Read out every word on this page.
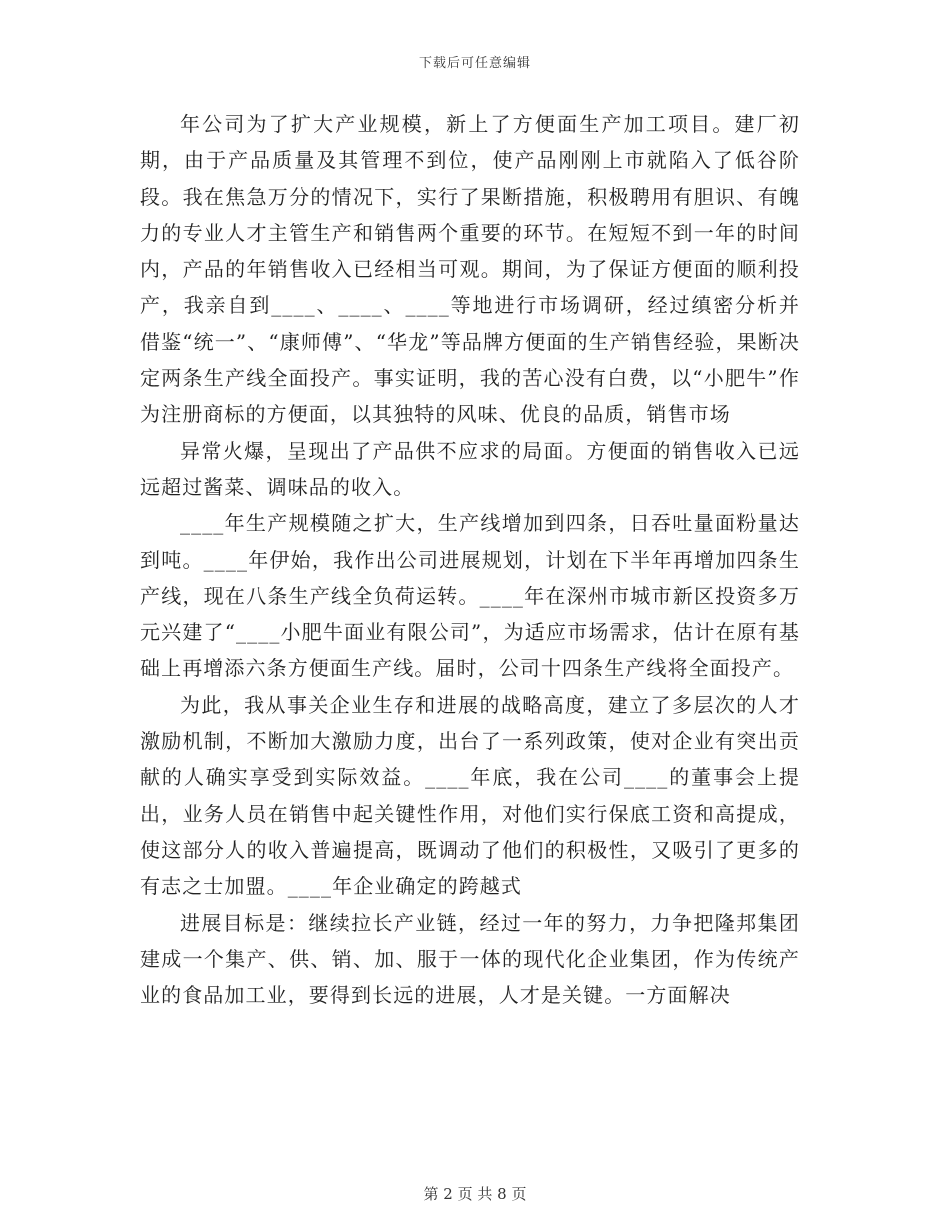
下载后可任意编辑

年公司为了扩大产业规模，新上了方便面生产加工项目。建厂初期，由于产品质量及其管理不到位，使产品刚刚上市就陷入了低谷阶段。我在焦急万分的情况下，实行了果断措施，积极聘用有胆识、有魄力的专业人才主管生产和销售两个重要的环节。在短短不到一年的时间内，产品的年销售收入已经相当可观。期间，为了保证方便面的顺利投产，我亲自到____、____、____等地进行市场调研，经过缜密分析并借鉴“统一”、“康师傅”、“华龙”等品牌方便面的生产销售经验，果断决定两条生产线全面投产。事实证明，我的苦心没有白费，以“小肥牛”作为注册商标的方便面，以其独特的风味、优良的品质，销售市场

异常火爆，呈现出了产品供不应求的局面。方便面的销售收入已远远超过酱菜、调味品的收入。

____年生产规模随之扩大，生产线增加到四条，日吞吐量面粉量达到吨。____年伊始，我作出公司进展规划，计划在下半年再增加四条生产线，现在八条生产线全负荷运转。____年在深州市城市新区投资多万元兴建了“____小肥牛面业有限公司”，为适应市场需求，估计在原有基础上再增添六条方便面生产线。届时，公司十四条生产线将全面投产。

为此，我从事关企业生存和进展的战略高度，建立了多层次的人才激励机制，不断加大激励力度，出台了一系列政策，使对企业有突出贡献的人确实享受到实际效益。____年底，我在公司____的董事会上提出，业务人员在销售中起关键性作用，对他们实行保底工资和高提成，使这部分人的收入普遍提高，既调动了他们的积极性，又吸引了更多的有志之士加盟。____年企业确定的跨越式

进展目标是：继续拉长产业链，经过一年的努力，力争把隆邦集团建成一个集产、供、销、加、服于一体的现代化企业集团，作为传统产业的食品加工业，要得到长远的进展，人才是关键。一方面解决

第 2 页 共 8 页
